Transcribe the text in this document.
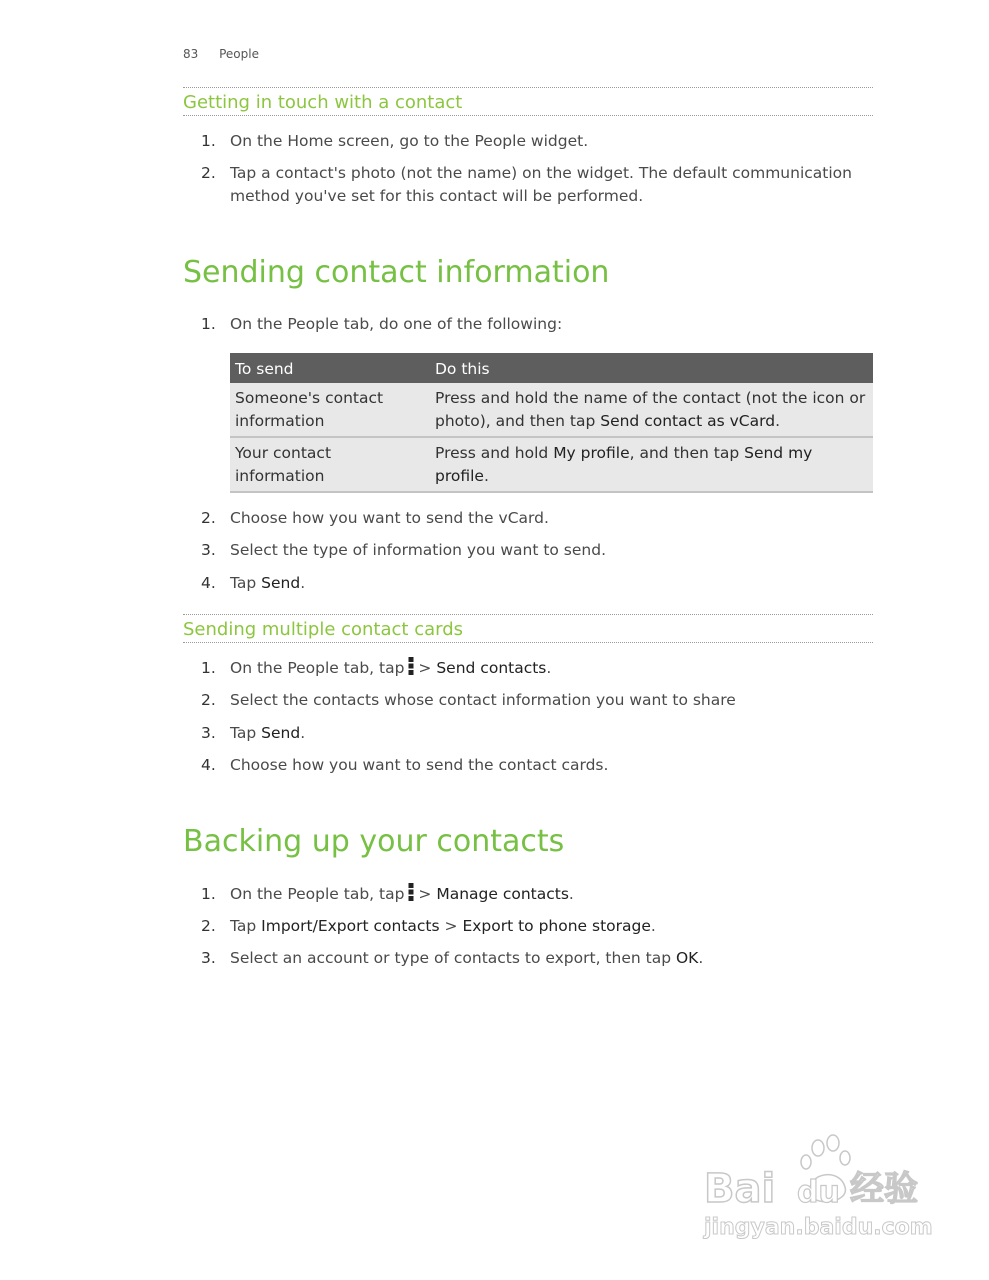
83 People
Getting in touch with a contact
1. On the Home screen, go to the People widget.
2. Tap a contact's photo (not the name) on the widget. The default communication method you've set for this contact will be performed.
Sending contact information
1. On the People tab, do one of the following:
To send	Do this
Someone's contact information	Press and hold the name of the contact (not the icon or photo), and then tap Send contact as vCard.
Your contact information	Press and hold My profile, and then tap Send my profile.
2. Choose how you want to send the vCard.
3. Select the type of information you want to send.
4. Tap Send.
Sending multiple contact cards
1. On the People tab, tap > Send contacts.
2. Select the contacts whose contact information you want to share
3. Tap Send.
4. Choose how you want to send the contact cards.
Backing up your contacts
1. On the People tab, tap > Manage contacts.
2. Tap Import/Export contacts > Export to phone storage.
3. Select an account or type of contacts to export, then tap OK.
Bai du 经验
jingyan.baidu.com
